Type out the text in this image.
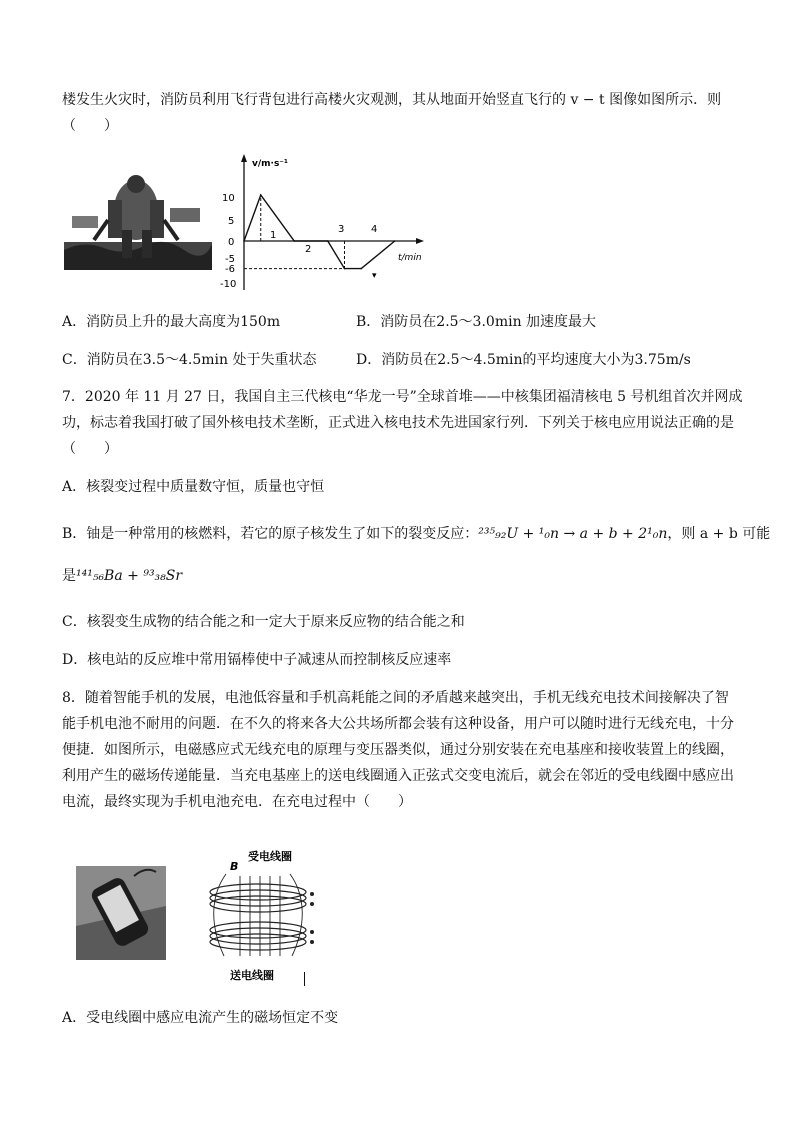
楼发生火灾时，消防员利用飞行背包进行高楼火灾观测，其从地面开始竖直飞行的 v − t 图像如图所示．则
（　　）
v/m·s⁻¹
t/min
10
5
0
-5
-6
-10
1
2
3	4
▾
A．消防员上升的最大高度为150m	B．消防员在2.5～3.0min 加速度最大
C．消防员在3.5～4.5min 处于失重状态	D．消防员在2.5～4.5min的平均速度大小为3.75m/s
7．2020 年 11 月 27 日，我国自主三代核电“华龙一号”全球首堆——中核集团福清核电 5 号机组首次并网成
功，标志着我国打破了国外核电技术垄断，正式进入核电技术先进国家行列．下列关于核电应用说法正确的是
（　　）
A．核裂变过程中质量数守恒，质量也守恒
B．铀是一种常用的核燃料，若它的原子核发生了如下的裂变反应：²³⁵₉₂U + ¹₀n → a + b + 2¹₀n，则 a + b 可能
是¹⁴¹₅₆Ba + ⁹³₃₈Sr
C．核裂变生成物的结合能之和一定大于原来反应物的结合能之和
D．核电站的反应堆中常用镉棒使中子减速从而控制核反应速率
8．随着智能手机的发展，电池低容量和手机高耗能之间的矛盾越来越突出，手机无线充电技术间接解决了智
能手机电池不耐用的问题．在不久的将来各大公共场所都会装有这种设备，用户可以随时进行无线充电，十分
便捷．如图所示，电磁感应式无线充电的原理与变压器类似，通过分别安装在充电基座和接收装置上的线圈，
利用产生的磁场传递能量．当充电基座上的送电线圈通入正弦式交变电流后，就会在邻近的受电线圈中感应出
电流，最终实现为手机电池充电．在充电过程中（　　）
受电线圈
B
送电线圈
A．受电线圈中感应电流产生的磁场恒定不变
